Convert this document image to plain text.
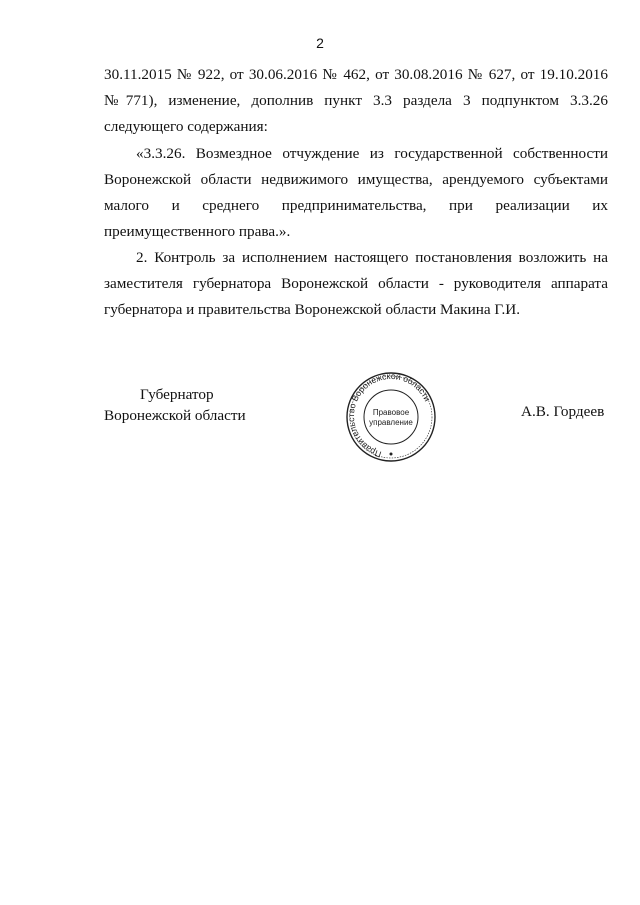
2
30.11.2015 № 922, от 30.06.2016 № 462, от 30.08.2016 № 627, от 19.10.2016
№771), изменение, дополнив пункт 3.3 раздела 3 подпунктом 3.3.26
следующего содержания:
«3.3.26. Возмездное отчуждение из государственной собственности
Воронежской области недвижимого имущества, арендуемого субъектами
малого и среднего предпринимательства, при реализации их
преимущественного права.».
2. Контроль за исполнением настоящего постановления возложить на
заместителя губернатора Воронежской области - руководителя аппарата
губернатора и правительства Воронежской области Макина Г.И.
Губернатор
Воронежской области
Правительство Воронежской области
Правовое
управление
А.В. Гордеев
